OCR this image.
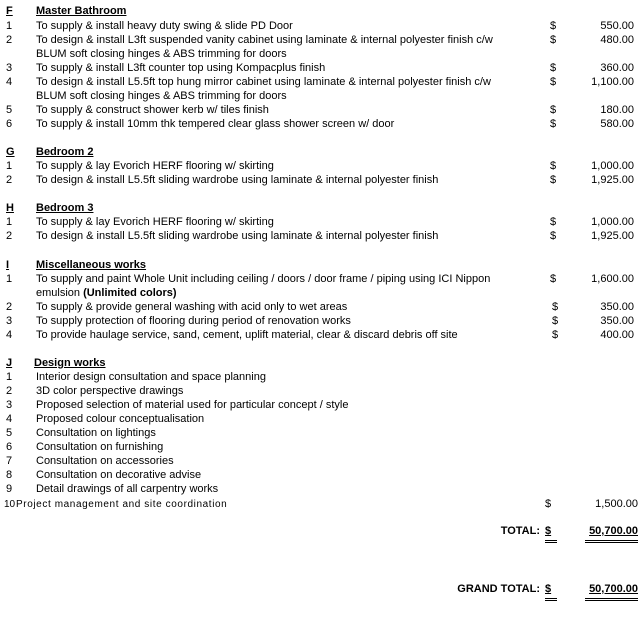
F Master Bathroom
1 To supply & install heavy duty swing & slide PD Door	$	550.00
2 To design & install L3ft suspended vanity cabinet using laminate & internal polyester finish c/w
BLUM soft closing hinges & ABS trimming for doors
$	480.00
3 To supply & install L3ft counter top using Kompacplus finish	$	360.00
4 To design & install L5.5ft top hung mirror cabinet using laminate & internal polyester finish c/w
BLUM soft closing hinges & ABS trimming for doors
$	1,100.00
5 To supply & construct shower kerb w/ tiles finish	$	180.00
6 To supply & install 10mm thk tempered clear glass shower screen w/ door	$	580.00
G Bedroom 2
1 To supply & lay Evorich HERF flooring w/ skirting	$	1,000.00
2 To design & install L5.5ft sliding wardrobe using laminate & internal polyester finish	$	1,925.00
H Bedroom 3
1 To supply & lay Evorich HERF flooring w/ skirting	$	1,000.00
2 To design & install L5.5ft sliding wardrobe using laminate & internal polyester finish	$	1,925.00
I Miscellaneous works
1 To supply and paint Whole Unit including ceiling / doors / door frame / piping using ICI Nippon
emulsion (Unlimited colors)
$	1,600.00
2 To supply & provide general washing with acid only to wet areas	$	350.00
3 To supply protection of flooring during period of renovation works	$	350.00
4 To provide haulage service, sand, cement, uplift material, clear & discard debris off site	$	400.00
J Design works
1 Interior design consultation and space planning
2 3D color perspective drawings
3 Proposed selection of material used for particular concept / style
4 Proposed colour conceptualisation
5 Consultation on lightings
6 Consultation on furnishing
7 Consultation on accessories
8 Consultation on decorative advise
9 Detail drawings of all carpentry works
10 Project management and site coordination	$	1,500.00
TOTAL: $	50,700.00
GRAND TOTAL: $	50,700.00
